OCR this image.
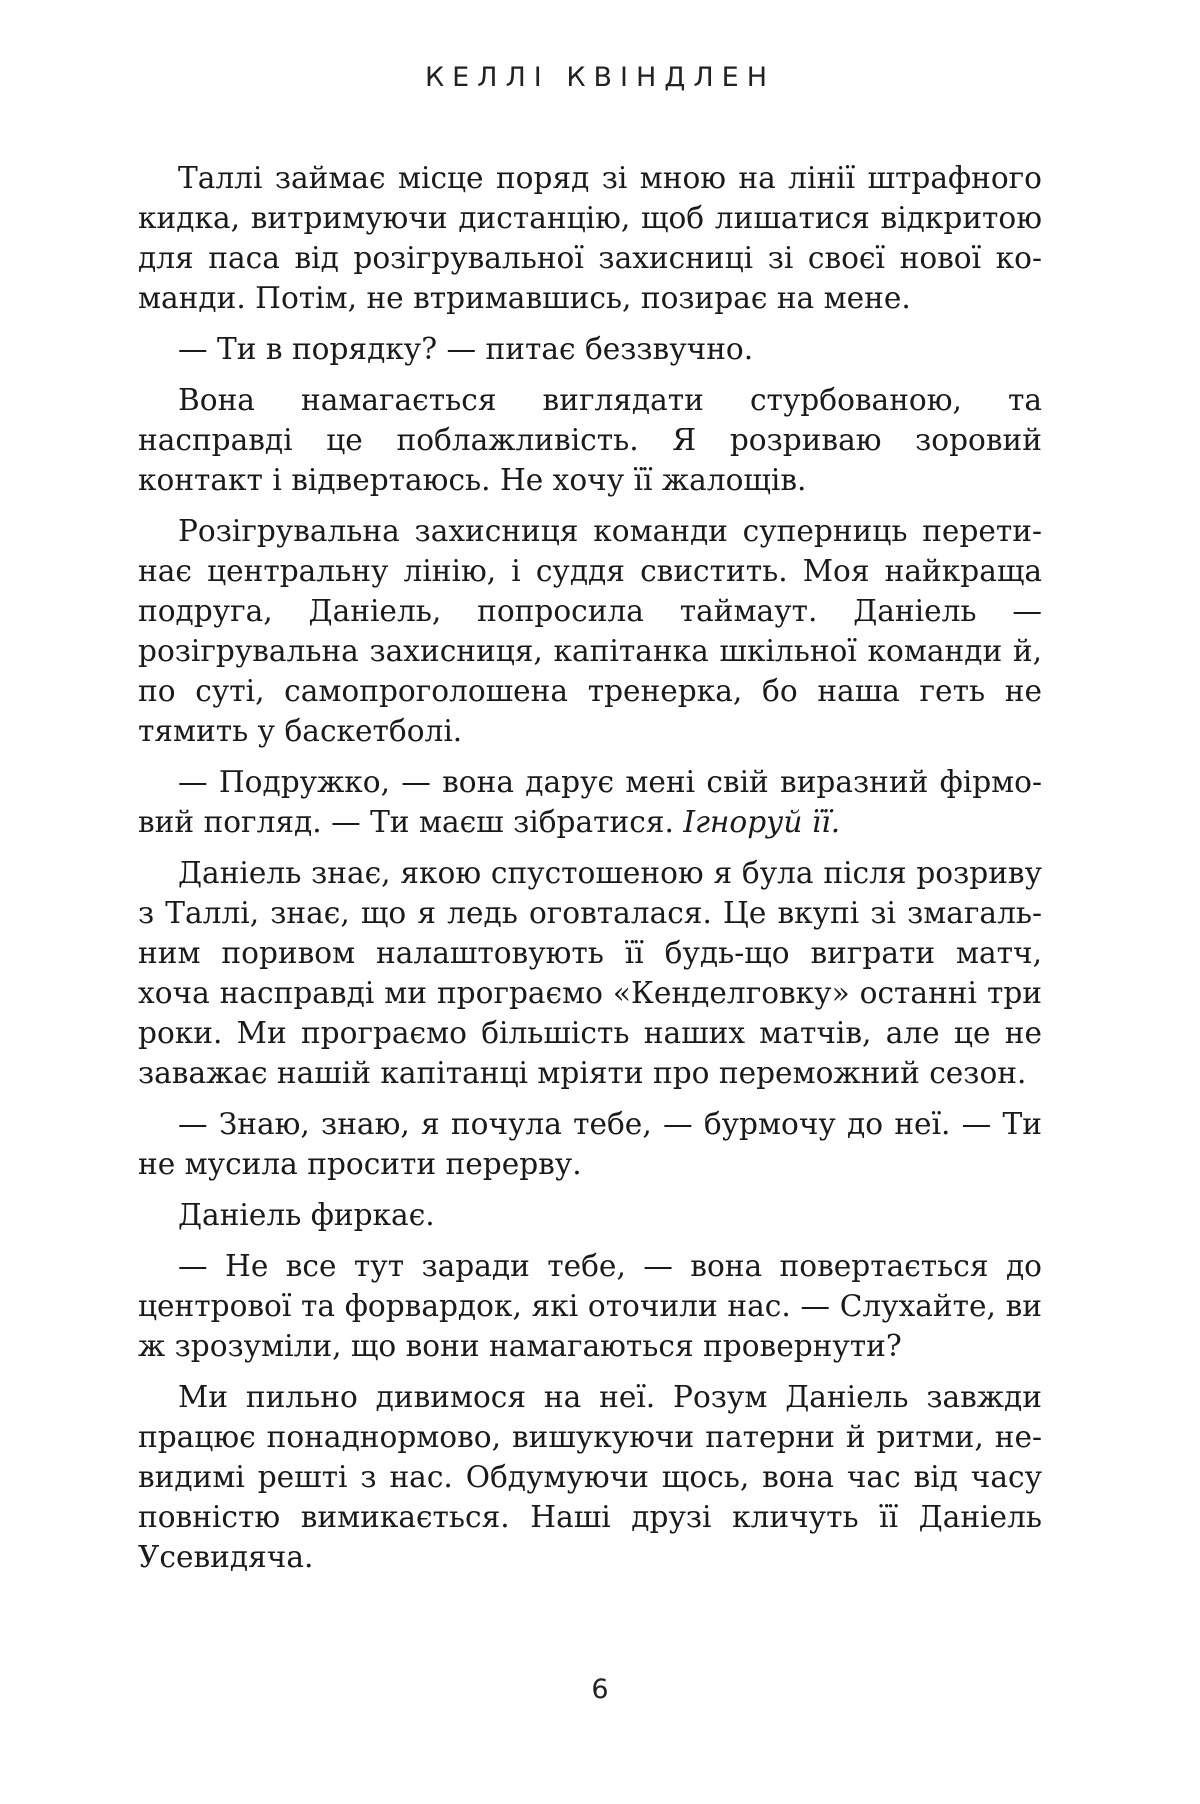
КЕЛЛІ КВІНДЛЕН

Таллі займає місце поряд зі мною на лінії штрафного кидка, витримуючи дистанцію, щоб лишатися відкритою для паса від розігрувальної захисниці зі своєї нової команди. Потім, не втримавшись, позирає на мене.

— Ти в порядку? — питає беззвучно.

Вона намагається виглядати стурбованою, та насправді це поблажливість. Я розриваю зоровий контакт і відвертаюсь. Не хочу її жалощів.

Розігрувальна захисниця команди суперниць перетинає центральну лінію, і суддя свистить. Моя найкраща подруга, Даніель, попросила таймаут. Даніель — розігрувальна захисниця, капітанка шкільної команди й, по суті, самопроголошена тренерка, бо наша геть не тямить у баскетболі.

— Подружко, — вона дарує мені свій виразний фірмовий погляд. — Ти маєш зібратися. Ігноруй її.

Даніель знає, якою спустошеною я була після розриву з Таллі, знає, що я ледь оговталася. Це вкупі зі змагальним поривом налаштовують її будь-що виграти матч, хоча насправді ми програємо «Кенделговку» останні три роки. Ми програємо більшість наших матчів, але це не заважає нашій капітанці мріяти про переможний сезон.

— Знаю, знаю, я почула тебе, — бурмочу до неї. — Ти не мусила просити перерву.

Даніель фиркає.

— Не все тут заради тебе, — вона повертається до центрової та форвардок, які оточили нас. — Слухайте, ви ж зрозуміли, що вони намагаються провернути?

Ми пильно дивимося на неї. Розум Даніель завжди працює понаднормово, вишукуючи патерни й ритми, невидимі решті з нас. Обдумуючи щось, вона час від часу повністю вимикається. Наші друзі кличуть її Даніель Усевидяча.

6
